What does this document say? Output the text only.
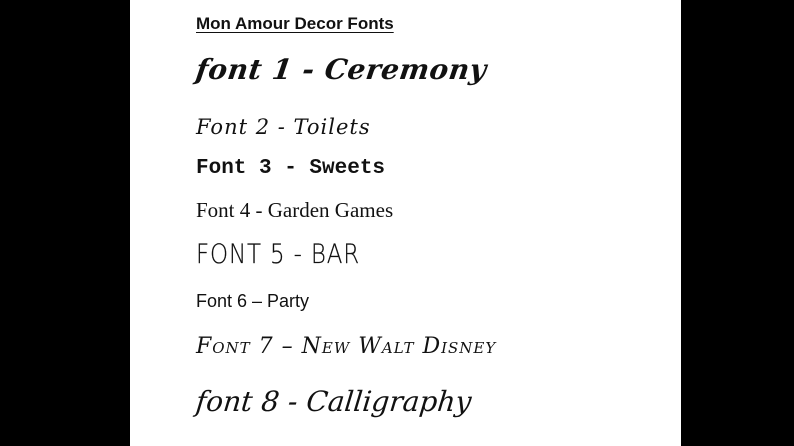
Mon Amour Decor Fonts

font 1 - Ceremony

Font 2 - Toilets

Font 3 - Sweets

Font 4 - Garden Games

FONT 5 - BAR

Font 6 – Party

Font 7 – New Walt Disney

font 8 - Calligraphy
